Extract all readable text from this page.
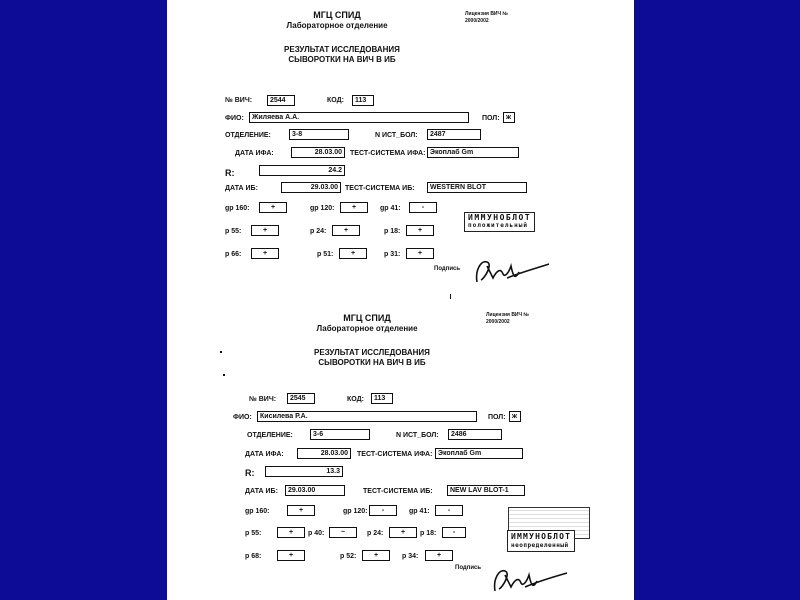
МГЦ СПИД
Лабораторное отделение
Лицензия ВИЧ №
2000/2002
РЕЗУЛЬТАТ ИССЛЕДОВАНИЯ
СЫВОРОТКИ НА ВИЧ В ИБ
№ ВИЧ:	2544	КОД:	113
ФИО:	Жиляева А.А.	ПОЛ: ж
ОТДЕЛЕНИЕ:	3-8	N ИСТ_БОЛ:	2487
ДАТА ИФА:	28.03.00	ТЕСТ-СИСТЕМА ИФА: Экоплаб Gm
R:	24.2
ДАТА ИБ:	29.03.00	ТЕСТ-СИСТЕМА ИБ:	WESTERN BLOT
gp 160:	+	gp 120:	+	gp 41:	-
p 55:	+	p 24:	+	p 18:	+
p 66:	+	p 51:	+	p 31:	+
ИММУНОБЛОТ
положительный
Подпись
МГЦ СПИД
Лабораторное отделение
Лицензия ВИЧ №
2000/2002
РЕЗУЛЬТАТ ИССЛЕДОВАНИЯ
СЫВОРОТКИ НА ВИЧ В ИБ
№ ВИЧ:	2545	КОД:	113
ФИО:	Кисилева Р.А.	ПОЛ: ж
ОТДЕЛЕНИЕ:	3-6	N ИСТ_БОЛ:	2486
ДАТА ИФА:	28.03.00	ТЕСТ-СИСТЕМА ИФА: Экоплаб Gm
R:	13.3
ДАТА ИБ:	29.03.00	ТЕСТ-СИСТЕМА ИБ:	NEW LAV BLOT-1
gp 160:	+	gp 120:	-	gp 41:	-
p 55:	+	p 40:	~	p 24:	+	p 18:	-
p 68:	+	p 52:	+	p 34:	+
ИММУНОБЛОТ
неопределенный
Подпись
